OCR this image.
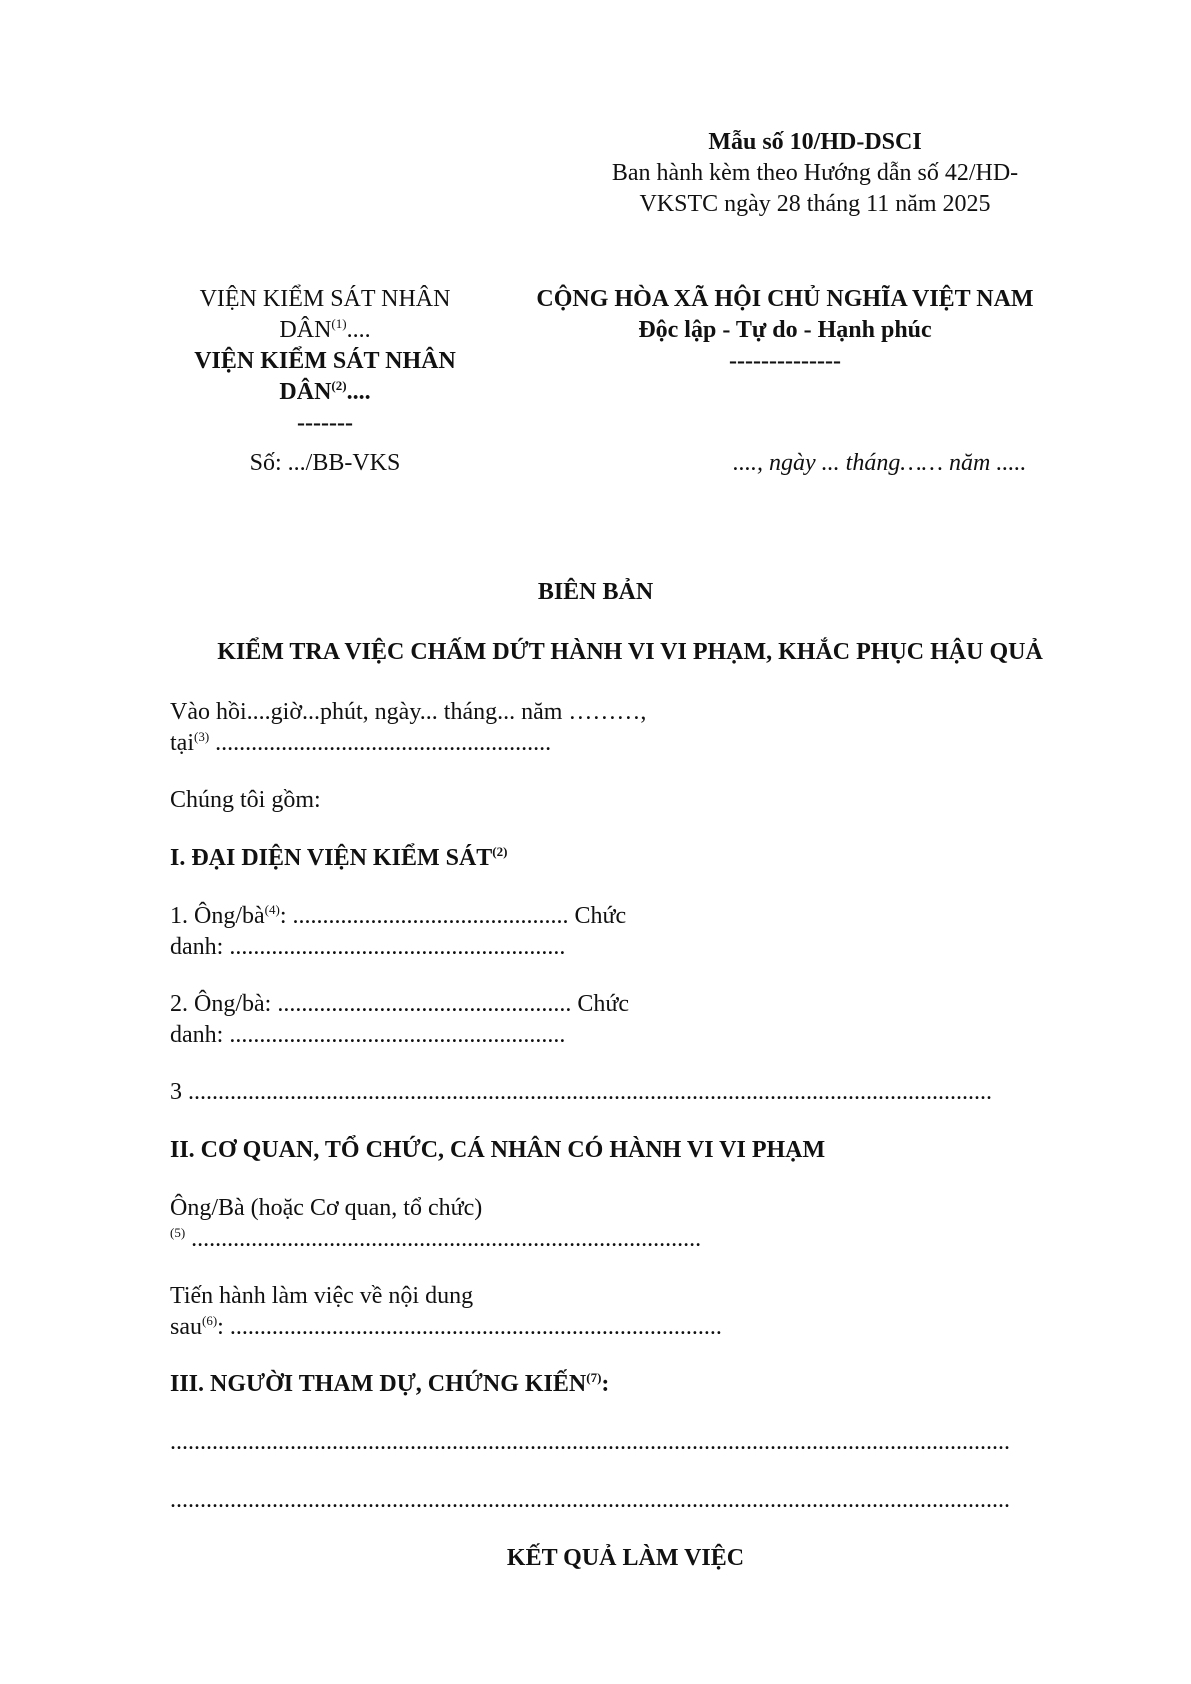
Mẫu số 10/HD-DSCI
Ban hành kèm theo Hướng dẫn số 42/HD-
VKSTC ngày 28 tháng 11 năm 2025
VIỆN KIỂM SÁT NHÂN
DÂN$^{(1)}$....
VIỆN KIỂM SÁT NHÂN
DÂN$^{(2)}$....
-------
Số: .../BB-VKS
CỘNG HÒA XÃ HỘI CHỦ NGHĨA VIỆT NAM
Độc lập - Tự do - Hạnh phúc
--------------
...., ngày ... tháng…… năm .....
BIÊN BẢN
KIỂM TRA VIỆC CHẤM DỨT HÀNH VI VI PHẠM, KHẮC PHỤC HẬU QUẢ
Vào hồi....giờ...phút, ngày... tháng... năm ………,
tại$^{(3)}$ ........................................................
Chúng tôi gồm:
I. ĐẠI DIỆN VIỆN KIỂM SÁT$^{(2)}$
1. Ông/$bà^{(4)}$: .............................................. Chức
danh: ........................................................
2. Ông/bà: ................................................. Chức
danh: ........................................................
3 ......................................................................................................................................
II. CƠ QUAN, TỔ CHỨC, CÁ NHÂN CÓ HÀNH VI VI PHẠM
Ông/Bà (hoặc Cơ quan, tổ chức)
$^{(5)}$ .....................................................................................
Tiến hành làm việc về nội dung
sau$^{(6)}$: ..................................................................................
III. NGƯỜI THAM DỰ, CHỨNG KIẾN$^{(7)}$:
............................................................................................................................................
............................................................................................................................................
KẾT QUẢ LÀM VIỆC
